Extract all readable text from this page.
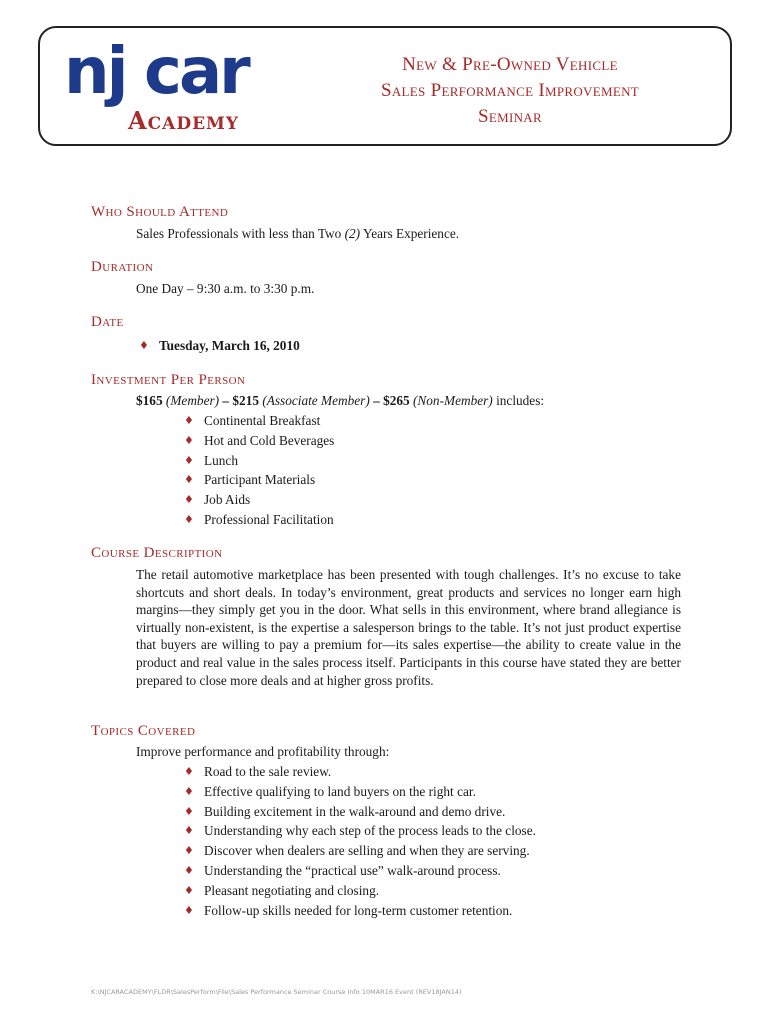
nj car
Academy
New & Pre-Owned Vehicle
Sales Performance Improvement
Seminar
Who Should Attend
Sales Professionals with less than Two (2) Years Experience.
Duration
One Day – 9:30 a.m. to 3:30 p.m.
Date
♦ Tuesday, March 16, 2010
Investment Per Person
$165 (Member) – $215 (Associate Member) – $265 (Non-Member) includes:
♦ Continental Breakfast
♦ Hot and Cold Beverages
♦ Lunch
♦ Participant Materials
♦ Job Aids
♦ Professional Facilitation
Course Description
The retail automotive marketplace has been presented with tough challenges. It’s no excuse to take shortcuts and short deals. In today’s environment, great products and services no longer earn high margins—they simply get you in the door. What sells in this environment, where brand allegiance is virtually non-existent, is the expertise a salesperson brings to the table. It’s not just product expertise that buyers are willing to pay a premium for—its sales expertise—the ability to create value in the product and real value in the sales process itself. Participants in this course have stated they are better prepared to close more deals and at higher gross profits.
Topics Covered
Improve performance and profitability through:
♦ Road to the sale review.
♦ Effective qualifying to land buyers on the right car.
♦ Building excitement in the walk-around and demo drive.
♦ Understanding why each step of the process leads to the close.
♦ Discover when dealers are selling and when they are serving.
♦ Understanding the “practical use” walk-around process.
♦ Pleasant negotiating and closing.
♦ Follow-up skills needed for long-term customer retention.
K:\NJCARACADEMY\FLDR\SalesPerform\File\Sales Performance Seminar Course Info 10MAR16 Event (REV18JAN14)
